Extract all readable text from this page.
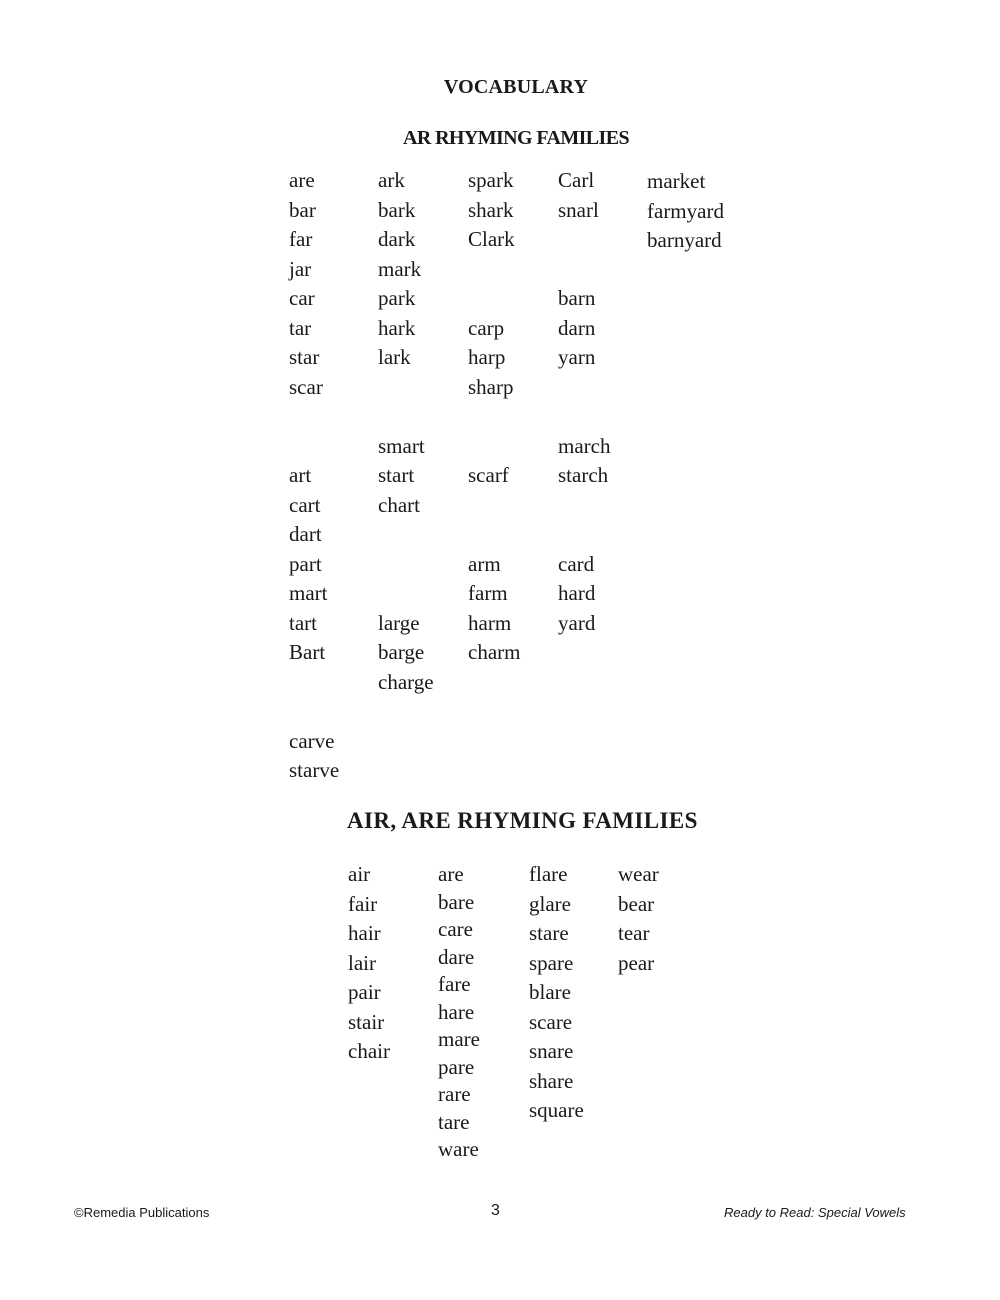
VOCABULARY
AR RHYMING FAMILIES
are
bar
far
jar
car
tar
star
scar
art
cart
dart
part
mart
tart
Bart
carve
starve
ark
bark
dark
mark
park
hark
lark
smart
start
chart
large
barge
charge
spark
shark
Clark
carp
harp
sharp
scarf
arm
farm
harm
charm
Carl
snarl
barn
darn
yarn
march
starch
card
hard
yard
market
farmyard
barnyard
AIR, ARE RHYMING FAMILIES
air
fair
hair
lair
pair
stair
chair
are
bare
care
dare
fare
hare
mare
pare
rare
tare
ware
flare
glare
stare
spare
blare
scare
snare
share
square
wear
bear
tear
pear
©Remedia Publications	3	Ready to Read: Special Vowels
